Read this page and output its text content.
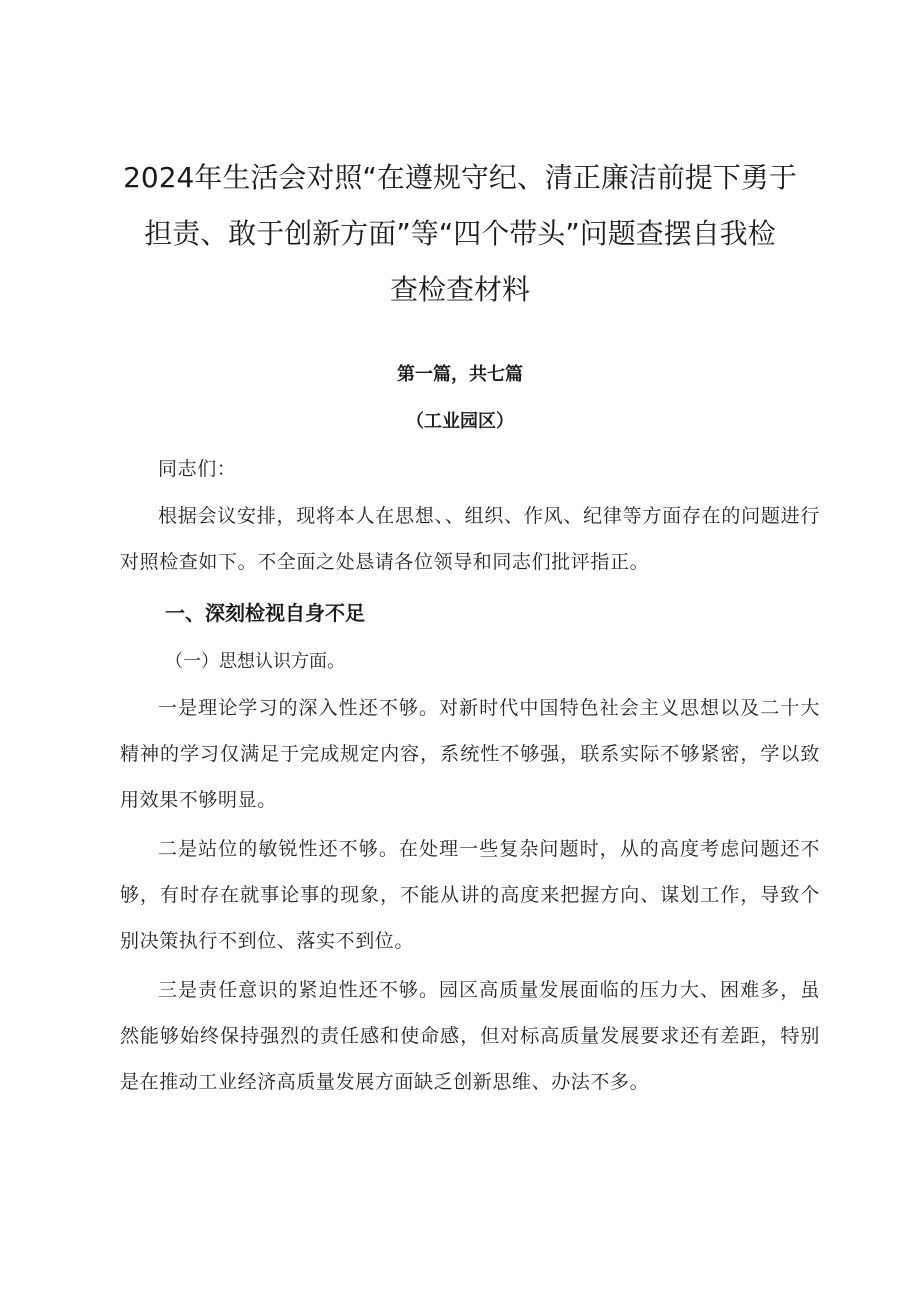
2024年生活会对照“在遵规守纪、清正廉洁前提下勇于
担责、敢于创新方面”等“四个带头”问题查摆自我检
查检查材料
第一篇，共七篇
（工业园区）
同志们：
根据会议安排，现将本人在思想、、组织、作风、纪律等方面存在的问题进行对照检查如下。不全面之处恳请各位领导和同志们批评指正。
一、深刻检视自身不足
（一）思想认识方面。
一是理论学习的深入性还不够。对新时代中国特色社会主义思想以及二十大精神的学习仅满足于完成规定内容，系统性不够强，联系实际不够紧密，学以致用效果不够明显。
二是站位的敏锐性还不够。在处理一些复杂问题时，从的高度考虑问题还不够，有时存在就事论事的现象，不能从讲的高度来把握方向、谋划工作，导致个别决策执行不到位、落实不到位。
三是责任意识的紧迫性还不够。园区高质量发展面临的压力大、困难多，虽然能够始终保持强烈的责任感和使命感，但对标高质量发展要求还有差距，特别是在推动工业经济高质量发展方面缺乏创新思维、办法不多。
